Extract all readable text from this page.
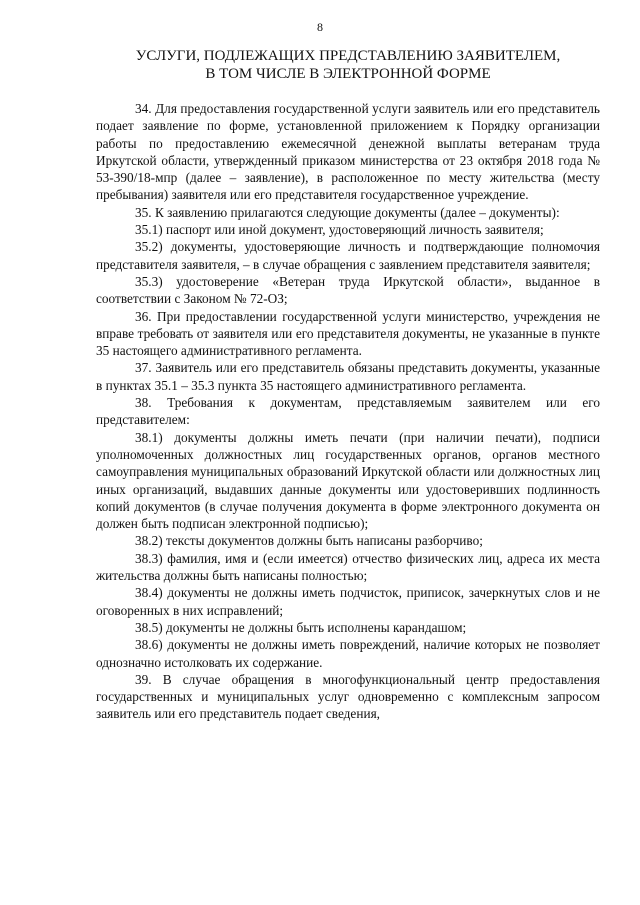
8
УСЛУГИ, ПОДЛЕЖАЩИХ ПРЕДСТАВЛЕНИЮ ЗАЯВИТЕЛЕМ,
В ТОМ ЧИСЛЕ В ЭЛЕКТРОННОЙ ФОРМЕ

34. Для предоставления государственной услуги заявитель или его представитель подает заявление по форме, установленной приложением к Порядку организации работы по предоставлению ежемесячной денежной выплаты ветеранам труда Иркутской области, утвержденный приказом министерства от 23 октября 2018 года № 53-390/18-мпр (далее – заявление), в расположенное по месту жительства (месту пребывания) заявителя или его представителя государственное учреждение.

35. К заявлению прилагаются следующие документы (далее – документы):

35.1) паспорт или иной документ, удостоверяющий личность заявителя;

35.2) документы, удостоверяющие личность и подтверждающие полномочия представителя заявителя, – в случае обращения с заявлением представителя заявителя;

35.3) удостоверение «Ветеран труда Иркутской области», выданное в соответствии с Законом № 72-ОЗ;

36. При предоставлении государственной услуги министерство, учреждения не вправе требовать от заявителя или его представителя документы, не указанные в пункте 35 настоящего административного регламента.

37. Заявитель или его представитель обязаны представить документы, указанные в пунктах 35.1 – 35.3 пункта 35 настоящего административного регламента.

38. Требования к документам, представляемым заявителем или его представителем:

38.1) документы должны иметь печати (при наличии печати), подписи уполномоченных должностных лиц государственных органов, органов местного самоуправления муниципальных образований Иркутской области или должностных лиц иных организаций, выдавших данные документы или удостоверивших подлинность копий документов (в случае получения документа в форме электронного документа он должен быть подписан электронной подписью);

38.2) тексты документов должны быть написаны разборчиво;

38.3) фамилия, имя и (если имеется) отчество физических лиц, адреса их места жительства должны быть написаны полностью;

38.4) документы не должны иметь подчисток, приписок, зачеркнутых слов и не оговоренных в них исправлений;

38.5) документы не должны быть исполнены карандашом;

38.6) документы не должны иметь повреждений, наличие которых не позволяет однозначно истолковать их содержание.

39. В случае обращения в многофункциональный центр предоставления государственных и муниципальных услуг одновременно с комплексным запросом заявитель или его представитель подает сведения,
